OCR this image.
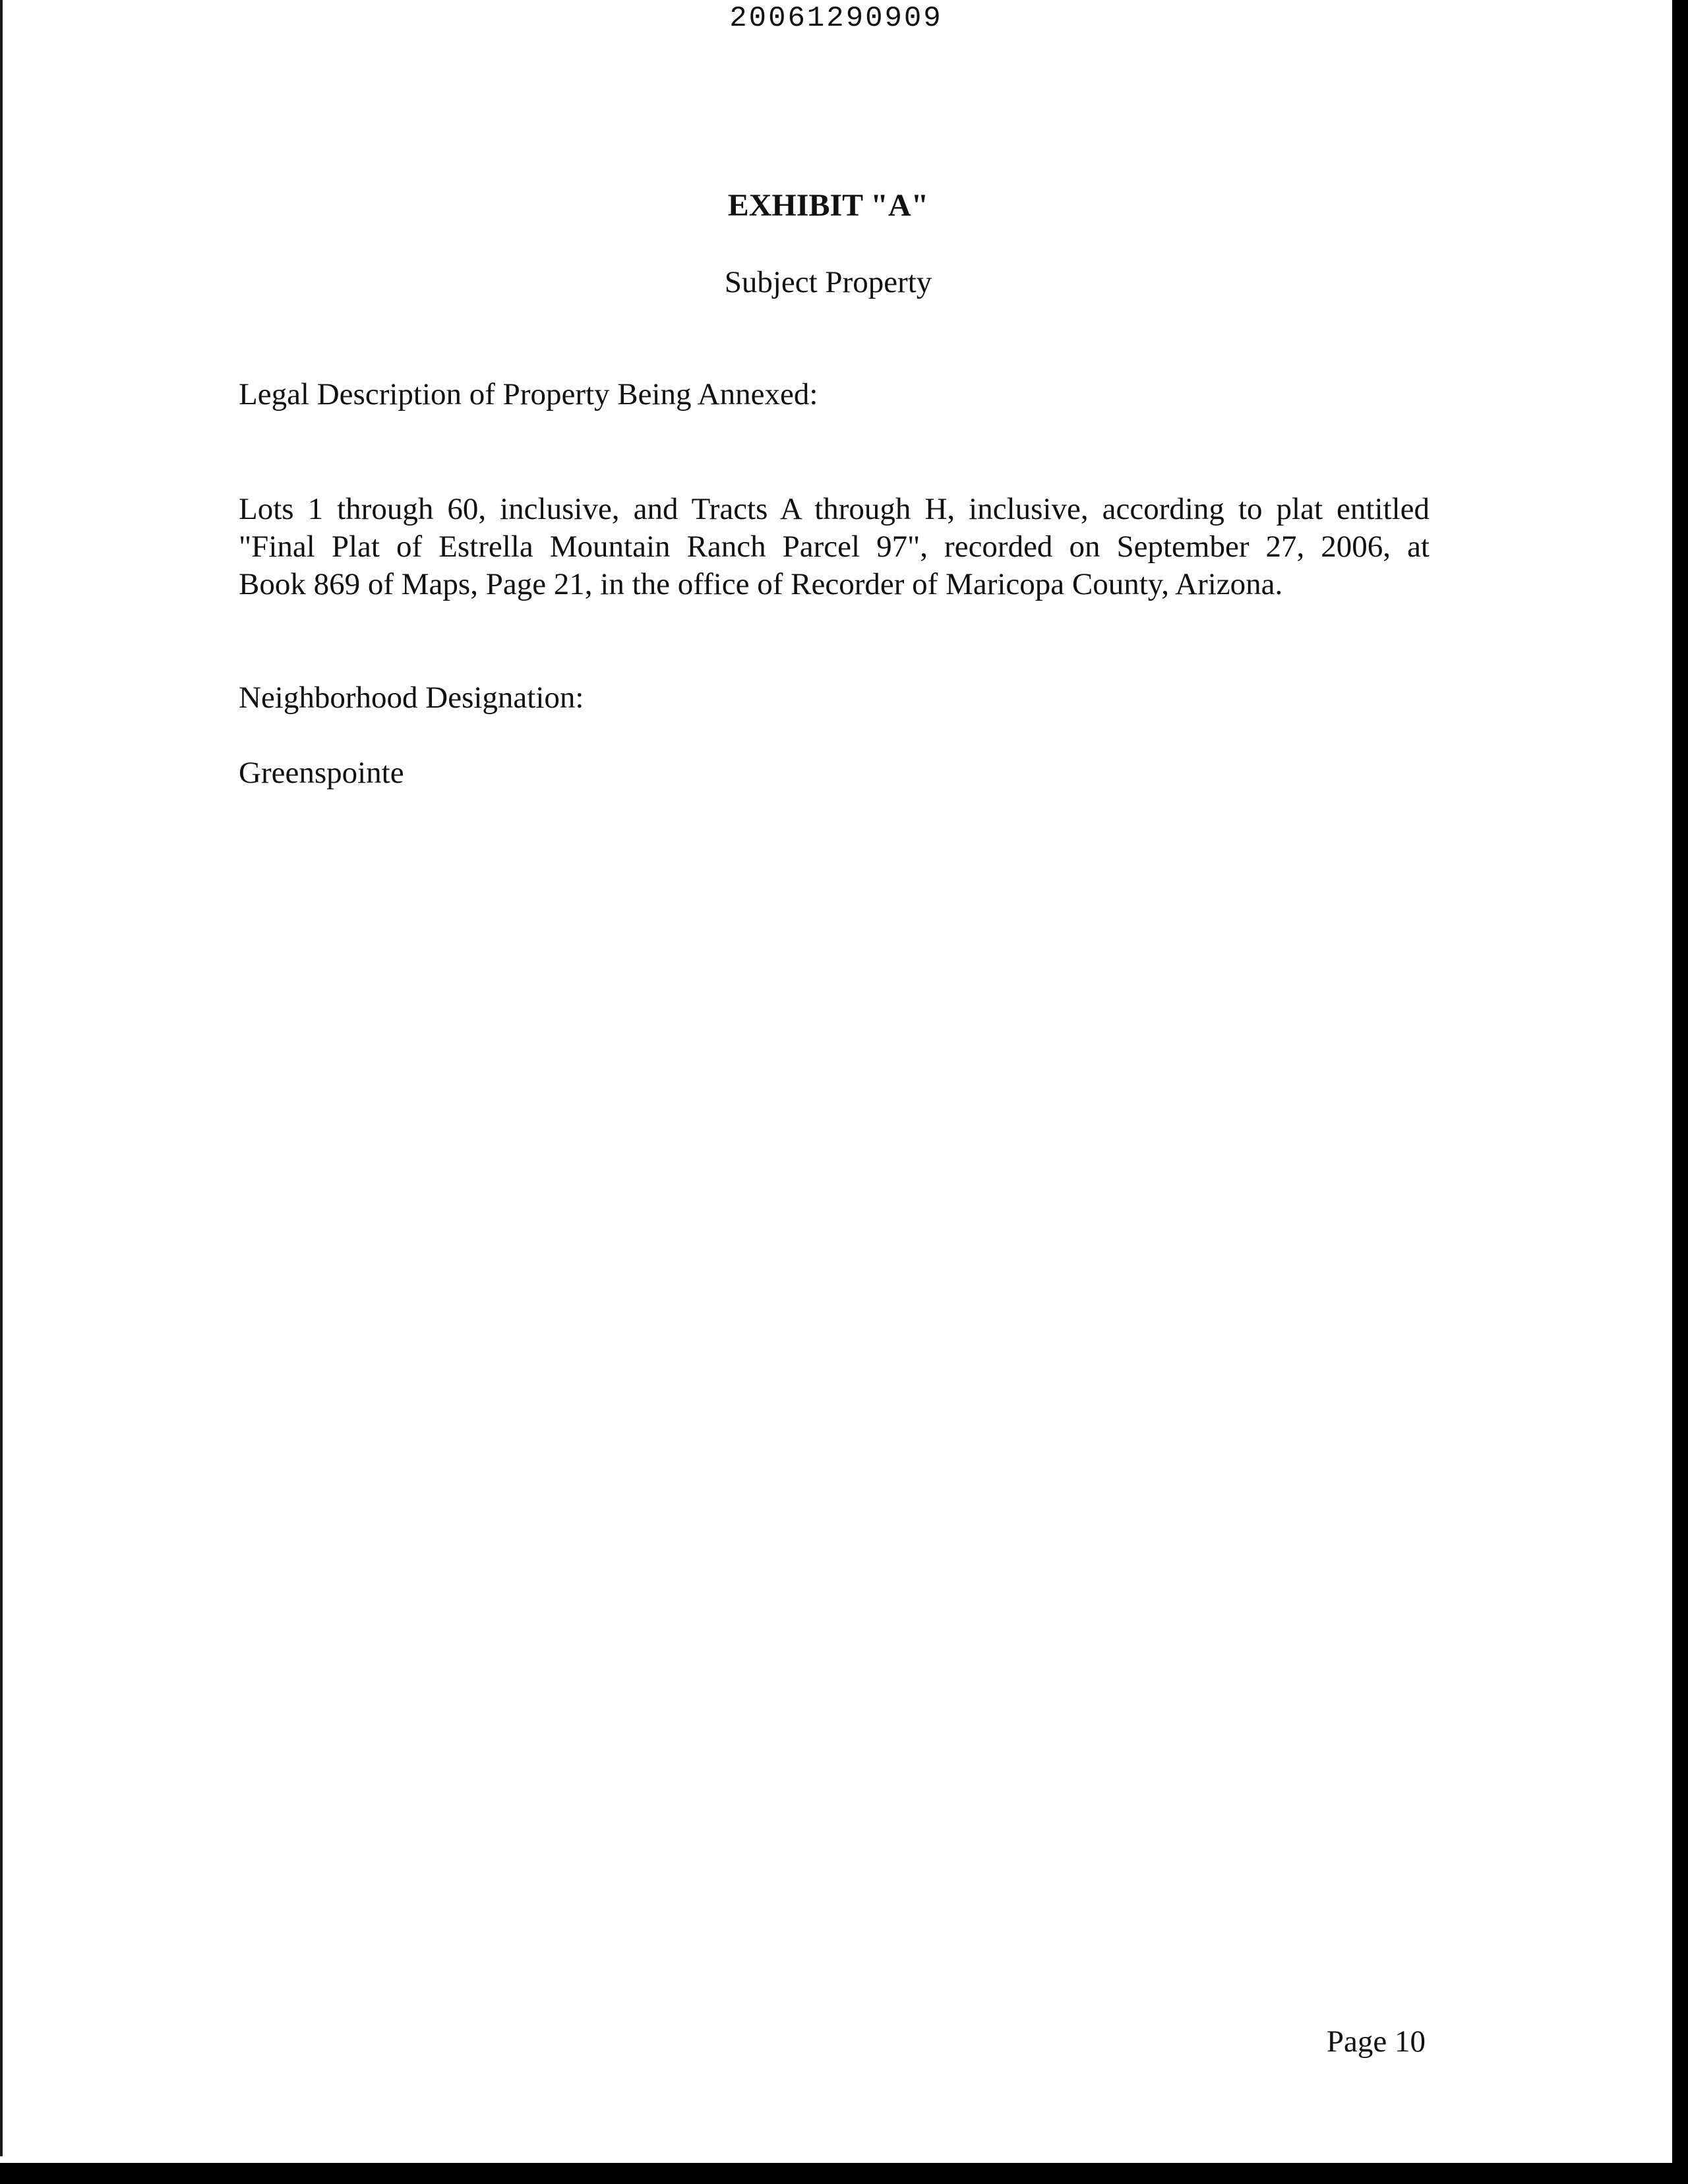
20061290909
EXHIBIT "A"
Subject Property
Legal Description of Property Being Annexed:
Lots 1 through 60, inclusive, and Tracts A through H, inclusive, according to plat entitled
"Final Plat of Estrella Mountain Ranch Parcel 97", recorded on September 27, 2006, at
Book 869 of Maps, Page 21, in the office of Recorder of Maricopa County, Arizona.
Neighborhood Designation:
Greenspointe
Page 10
